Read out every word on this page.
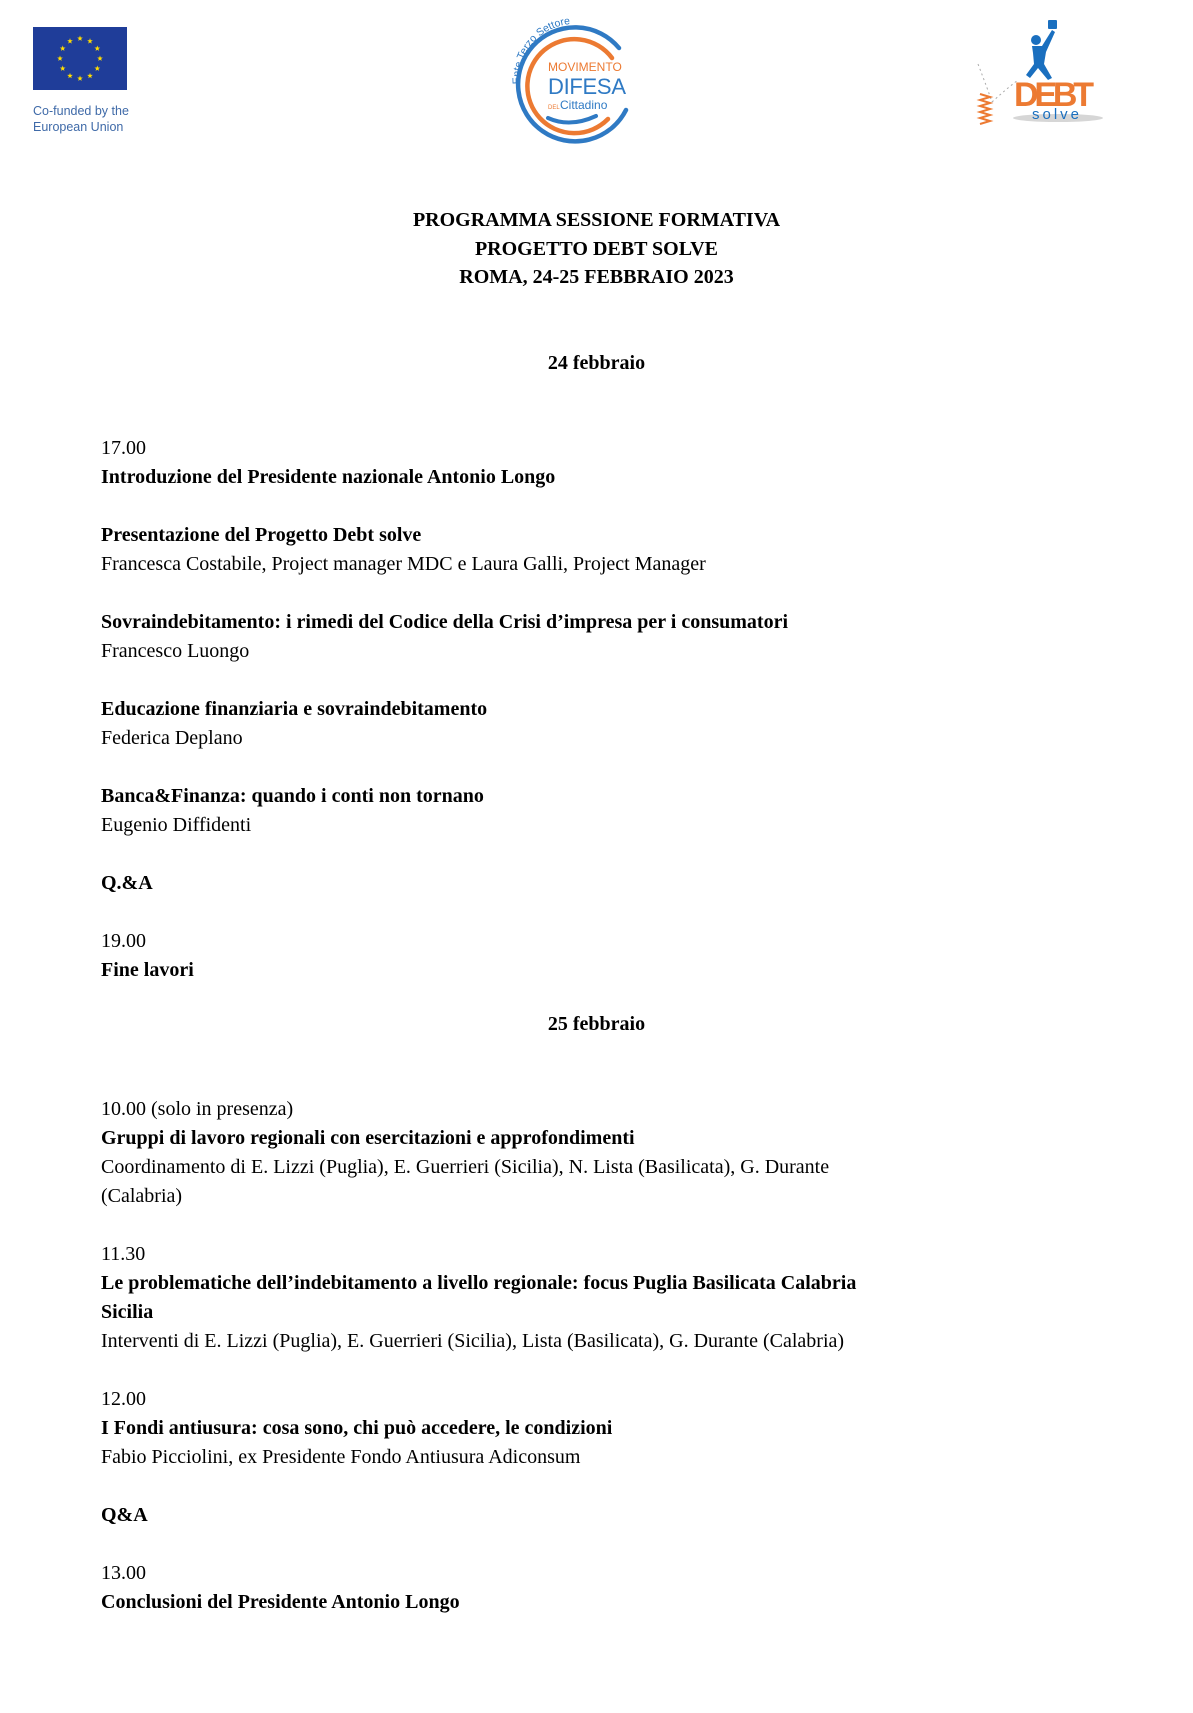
Co-funded by the
European Union
Ente Terzo Settore
MOVIMENTO
DIFESA
DEL Cittadino	DEBT
solve
PROGRAMMA SESSIONE FORMATIVA
PROGETTO DEBT SOLVE
ROMA, 24-25 FEBBRAIO 2023
24 febbraio

17.00

Introduzione del Presidente nazionale Antonio Longo

Presentazione del Progetto Debt solve

Francesca Costabile, Project manager MDC e Laura Galli, Project Manager

Sovraindebitamento: i rimedi del Codice della Crisi d’impresa per i consumatori

Francesco Luongo

Educazione finanziaria e sovraindebitamento

Federica Deplano

Banca&Finanza: quando i conti non tornano

Eugenio Diffidenti

Q.&A

19.00

Fine lavori

25 febbraio

10.00 (solo in presenza)

Gruppi di lavoro regionali con esercitazioni e approfondimenti

Coordinamento di E. Lizzi (Puglia), E. Guerrieri (Sicilia), N. Lista (Basilicata), G. Durante

(Calabria)

11.30

Le problematiche dell’indebitamento a livello regionale: focus Puglia Basilicata Calabria

Sicilia

Interventi di E. Lizzi (Puglia), E. Guerrieri (Sicilia), Lista (Basilicata), G. Durante (Calabria)

12.00

I Fondi antiusura: cosa sono, chi può accedere, le condizioni

Fabio Picciolini, ex Presidente Fondo Antiusura Adiconsum

Q&A

13.00

Conclusioni del Presidente Antonio Longo
